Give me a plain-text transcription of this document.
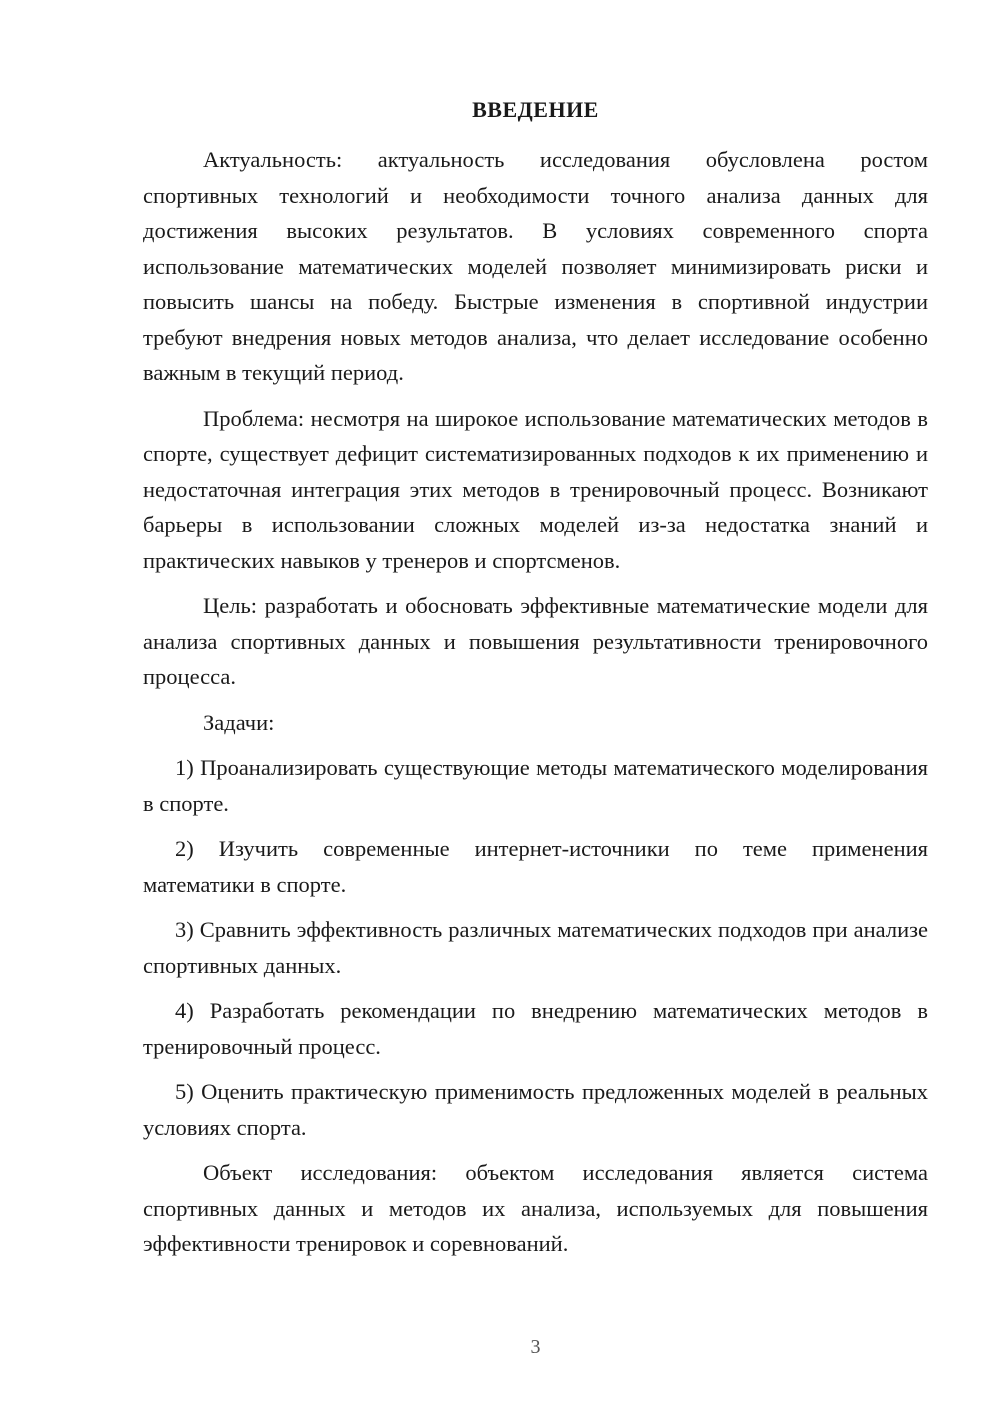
ВВЕДЕНИЕ

Актуальность: актуальность исследования обусловлена ростом спортивных технологий и необходимости точного анализа данных для достижения высоких результатов. В условиях современного спорта использование математических моделей позволяет минимизировать риски и повысить шансы на победу. Быстрые изменения в спортивной индустрии требуют внедрения новых методов анализа, что делает исследование особенно важным в текущий период.

Проблема: несмотря на широкое использование математических методов в спорте, существует дефицит систематизированных подходов к их применению и недостаточная интеграция этих методов в тренировочный процесс. Возникают барьеры в использовании сложных моделей из-за недостатка знаний и практических навыков у тренеров и спортсменов.

Цель: разработать и обосновать эффективные математические модели для анализа спортивных данных и повышения результативности тренировочного процесса.

Задачи:

1) Проанализировать существующие методы математического моделирования в спорте.

2) Изучить современные интернет-источники по теме применения математики в спорте.

3) Сравнить эффективность различных математических подходов при анализе спортивных данных.

4) Разработать рекомендации по внедрению математических методов в тренировочный процесс.

5) Оценить практическую применимость предложенных моделей в реальных условиях спорта.

Объект исследования: объектом исследования является система спортивных данных и методов их анализа, используемых для повышения эффективности тренировок и соревнований.

3
